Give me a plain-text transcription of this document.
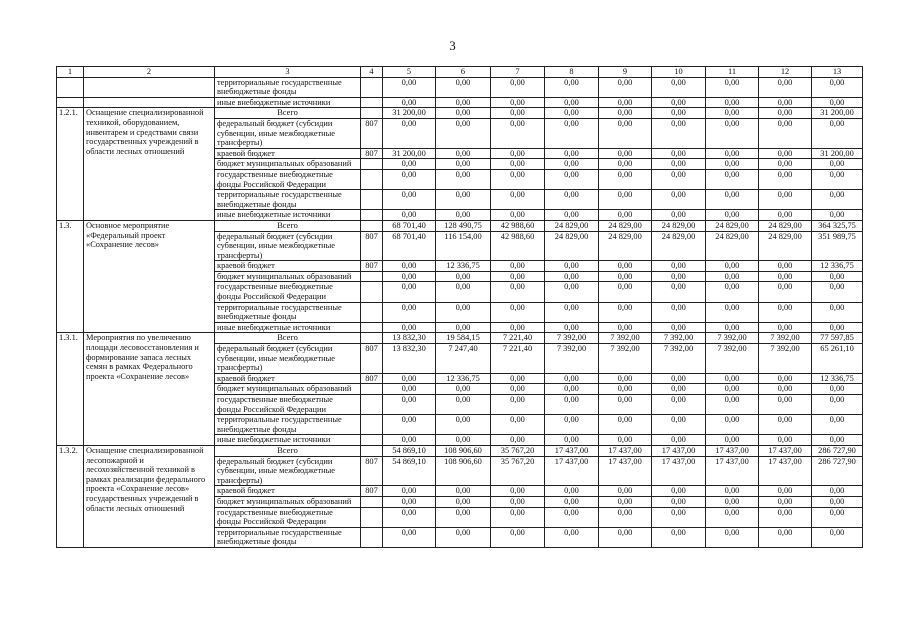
3
1	2	3	4	5	6	7	8	9	10	11	12	13
		территориальные государственные внебюджетные фонды		0,00	0,00	0,00	0,00	0,00	0,00	0,00	0,00	0,00
		иные внебюджетные источники		0,00	0,00	0,00	0,00	0,00	0,00	0,00	0,00	0,00
1.2.1.	Оснащение специализированной техникой, оборудованием, инвентарем и средствами связи государственных учреждений в области лесных отношений	Всего		31 200,00	0,00	0,00	0,00	0,00	0,00	0,00	0,00	31 200,00
		федеральный бюджет (субсидии субвенции, иные межбюджетные трансферты)	807	0,00	0,00	0,00	0,00	0,00	0,00	0,00	0,00	0,00
		краевой бюджет	807	31 200,00	0,00	0,00	0,00	0,00	0,00	0,00	0,00	31 200,00
		бюджет муниципальных образований		0,00	0,00	0,00	0,00	0,00	0,00	0,00	0,00	0,00
		государственные внебюджетные фонды Российской Федерации		0,00	0,00	0,00	0,00	0,00	0,00	0,00	0,00	0,00
		территориальные государственные внебюджетные фонды		0,00	0,00	0,00	0,00	0,00	0,00	0,00	0,00	0,00
		иные внебюджетные источники		0,00	0,00	0,00	0,00	0,00	0,00	0,00	0,00	0,00
1.3.	Основное мероприятие «Федеральный проект «Сохранение лесов»	Всего		68 701,40	128 490,75	42 988,60	24 829,00	24 829,00	24 829,00	24 829,00	24 829,00	364 325,75
		федеральный бюджет (субсидии субвенции, иные межбюджетные трансферты)	807	68 701,40	116 154,00	42 988,60	24 829,00	24 829,00	24 829,00	24 829,00	24 829,00	351 989,75
		краевой бюджет	807	0,00	12 336,75	0,00	0,00	0,00	0,00	0,00	0,00	12 336,75
		бюджет муниципальных образований		0,00	0,00	0,00	0,00	0,00	0,00	0,00	0,00	0,00
		государственные внебюджетные фонды Российской Федерации		0,00	0,00	0,00	0,00	0,00	0,00	0,00	0,00	0,00
		территориальные государственные внебюджетные фонды		0,00	0,00	0,00	0,00	0,00	0,00	0,00	0,00	0,00
		иные внебюджетные источники		0,00	0,00	0,00	0,00	0,00	0,00	0,00	0,00	0,00
1.3.1.	Мероприятия по увеличению площади лесовосстановления и формирование запаса лесных семян в рамках Федерального проекта «Сохранение лесов»	Всего		13 832,30	19 584,15	7 221,40	7 392,00	7 392,00	7 392,00	7 392,00	7 392,00	77 597,85
		федеральный бюджет (субсидии субвенции, иные межбюджетные трансферты)	807	13 832,30	7 247,40	7 221,40	7 392,00	7 392,00	7 392,00	7 392,00	7 392,00	65 261,10
		краевой бюджет	807	0,00	12 336,75	0,00	0,00	0,00	0,00	0,00	0,00	12 336,75
		бюджет муниципальных образований		0,00	0,00	0,00	0,00	0,00	0,00	0,00	0,00	0,00
		государственные внебюджетные фонды Российской Федерации		0,00	0,00	0,00	0,00	0,00	0,00	0,00	0,00	0,00
		территориальные государственные внебюджетные фонды		0,00	0,00	0,00	0,00	0,00	0,00	0,00	0,00	0,00
		иные внебюджетные источники		0,00	0,00	0,00	0,00	0,00	0,00	0,00	0,00	0,00
1.3.2.	Оснащение специализированной лесопожарной и лесохозяйственной техникой в рамках реализации федерального проекта «Сохранение лесов» государственных учреждений в области лесных отношений	Всего		54 869,10	108 906,60	35 767,20	17 437,00	17 437,00	17 437,00	17 437,00	17 437,00	286 727,90
		федеральный бюджет (субсидии субвенции, иные межбюджетные трансферты)	807	54 869,10	108 906,60	35 767,20	17 437,00	17 437,00	17 437,00	17 437,00	17 437,00	286 727,90
		краевой бюджет	807	0,00	0,00	0,00	0,00	0,00	0,00	0,00	0,00	0,00
		бюджет муниципальных образований		0,00	0,00	0,00	0,00	0,00	0,00	0,00	0,00	0,00
		государственные внебюджетные фонды Российской Федерации		0,00	0,00	0,00	0,00	0,00	0,00	0,00	0,00	0,00
		территориальные государственные внебюджетные фонды		0,00	0,00	0,00	0,00	0,00	0,00	0,00	0,00	0,00
